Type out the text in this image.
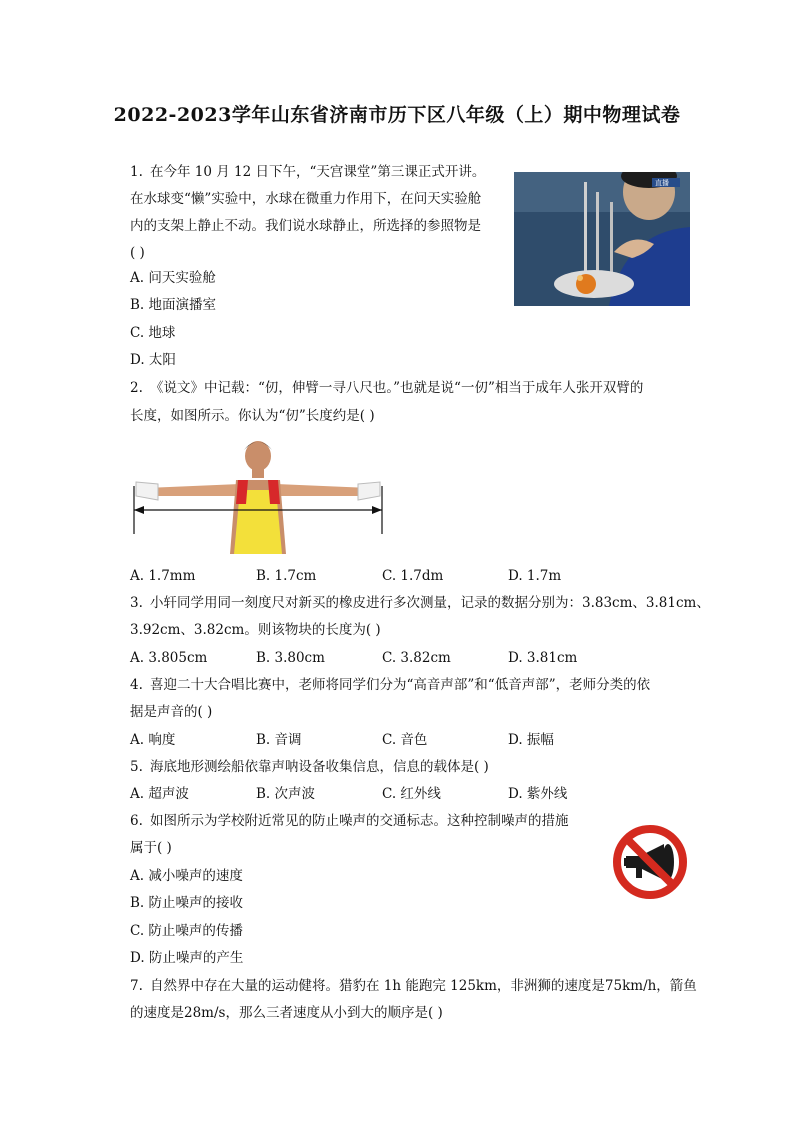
2022-2023学年山东省济南市历下区八年级（上）期中物理试卷
1. 在今年 10 月 12 日下午，“天宫课堂”第三课正式开讲。
在水球变“懒”实验中，水球在微重力作用下，在问天实验舱
内的支架上静止不动。我们说水球静止，所选择的参照物是
( )
A. 问天实验舱
B. 地面演播室
C. 地球
D. 太阳
直播
2. 《说文》中记载：“仞，伸臂一寻八尺也。”也就是说“一仞”相当于成年人张开双臂的
长度，如图所示。你认为“仞”长度约是( )
A. 1.7mm	B. 1.7cm	C. 1.7dm	D. 1.7m
3. 小轩同学用同一刻度尺对新买的橡皮进行多次测量，记录的数据分别为：3.83cm、3.81cm、
3.92cm、3.82cm。则该物块的长度为( )
A. 3.805cm	B. 3.80cm	C. 3.82cm	D. 3.81cm
4. 喜迎二十大合唱比赛中，老师将同学们分为“高音声部”和“低音声部”，老师分类的依
据是声音的( )
A. 响度	B. 音调	C. 音色	D. 振幅
5. 海底地形测绘船依靠声呐设备收集信息，信息的载体是( )
A. 超声波	B. 次声波	C. 红外线	D. 紫外线
6. 如图所示为学校附近常见的防止噪声的交通标志。这种控制噪声的措施
属于( )
A. 减小噪声的速度
B. 防止噪声的接收
C. 防止噪声的传播
D. 防止噪声的产生
7. 自然界中存在大量的运动健将。猎豹在 1h 能跑完 125km，非洲狮的速度是75km/h，箭鱼
的速度是28m/s，那么三者速度从小到大的顺序是( )
